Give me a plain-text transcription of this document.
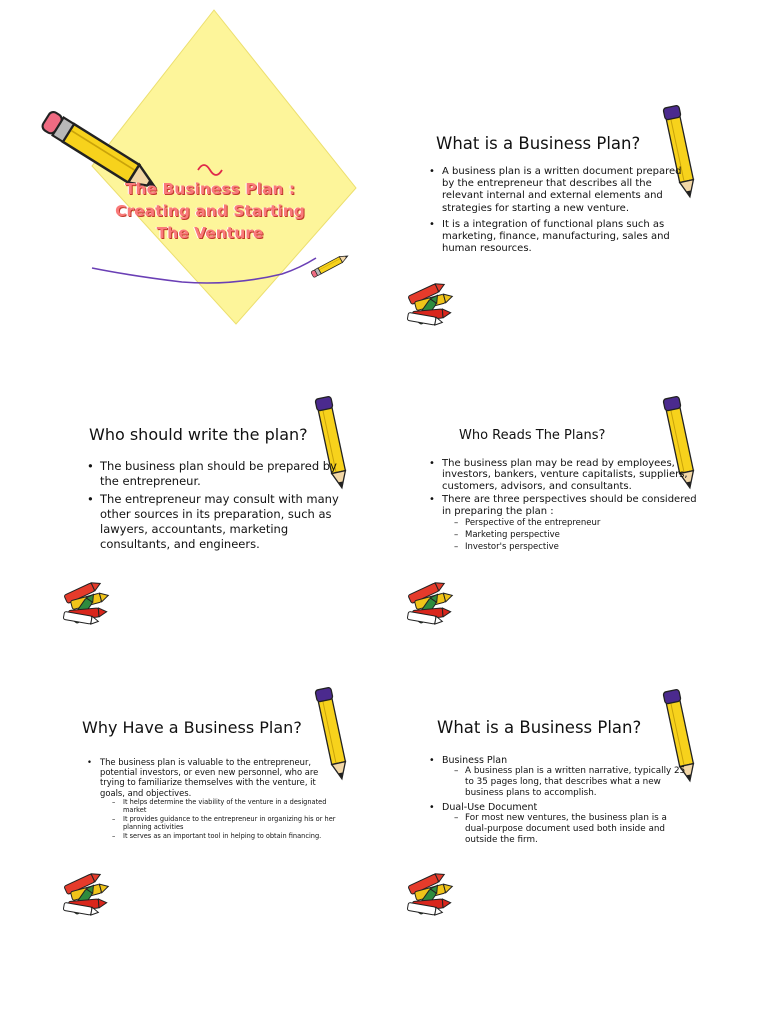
The Business Plan :
Creating and Starting
The Venture
What is a Business Plan?
• A business plan is a written document prepared by the entrepreneur that describes all the relevant internal and external elements and strategies for starting a new venture.
• It is a integration of functional plans such as marketing, finance, manufacturing, sales and human resources.
Who should write the plan?
• The business plan should be prepared by the entrepreneur.
• The entrepreneur may consult with many other sources in its preparation, such as lawyers, accountants, marketing consultants, and engineers.
Who Reads The Plans?
• The business plan may be read by employees, investors, bankers, venture capitalists, suppliers, customers, advisors, and consultants.
• There are three perspectives should be considered in preparing the plan :
– Perspective of the entrepreneur
– Marketing perspective
– Investor's perspective
Why Have a Business Plan?
• The business plan is valuable to the entrepreneur, potential investors, or even new personnel, who are trying to familiarize themselves with the venture, it goals, and objectives.
– It helps determine the viability of the venture in a designated market
– It provides guidance to the entrepreneur in organizing his or her planning activities
– It serves as an important tool in helping to obtain financing.
What is a Business Plan?
• Business Plan
– A business plan is a written narrative, typically 25 to 35 pages long, that describes what a new business plans to accomplish.
• Dual-Use Document
– For most new ventures, the business plan is a dual-purpose document used both inside and outside the firm.
